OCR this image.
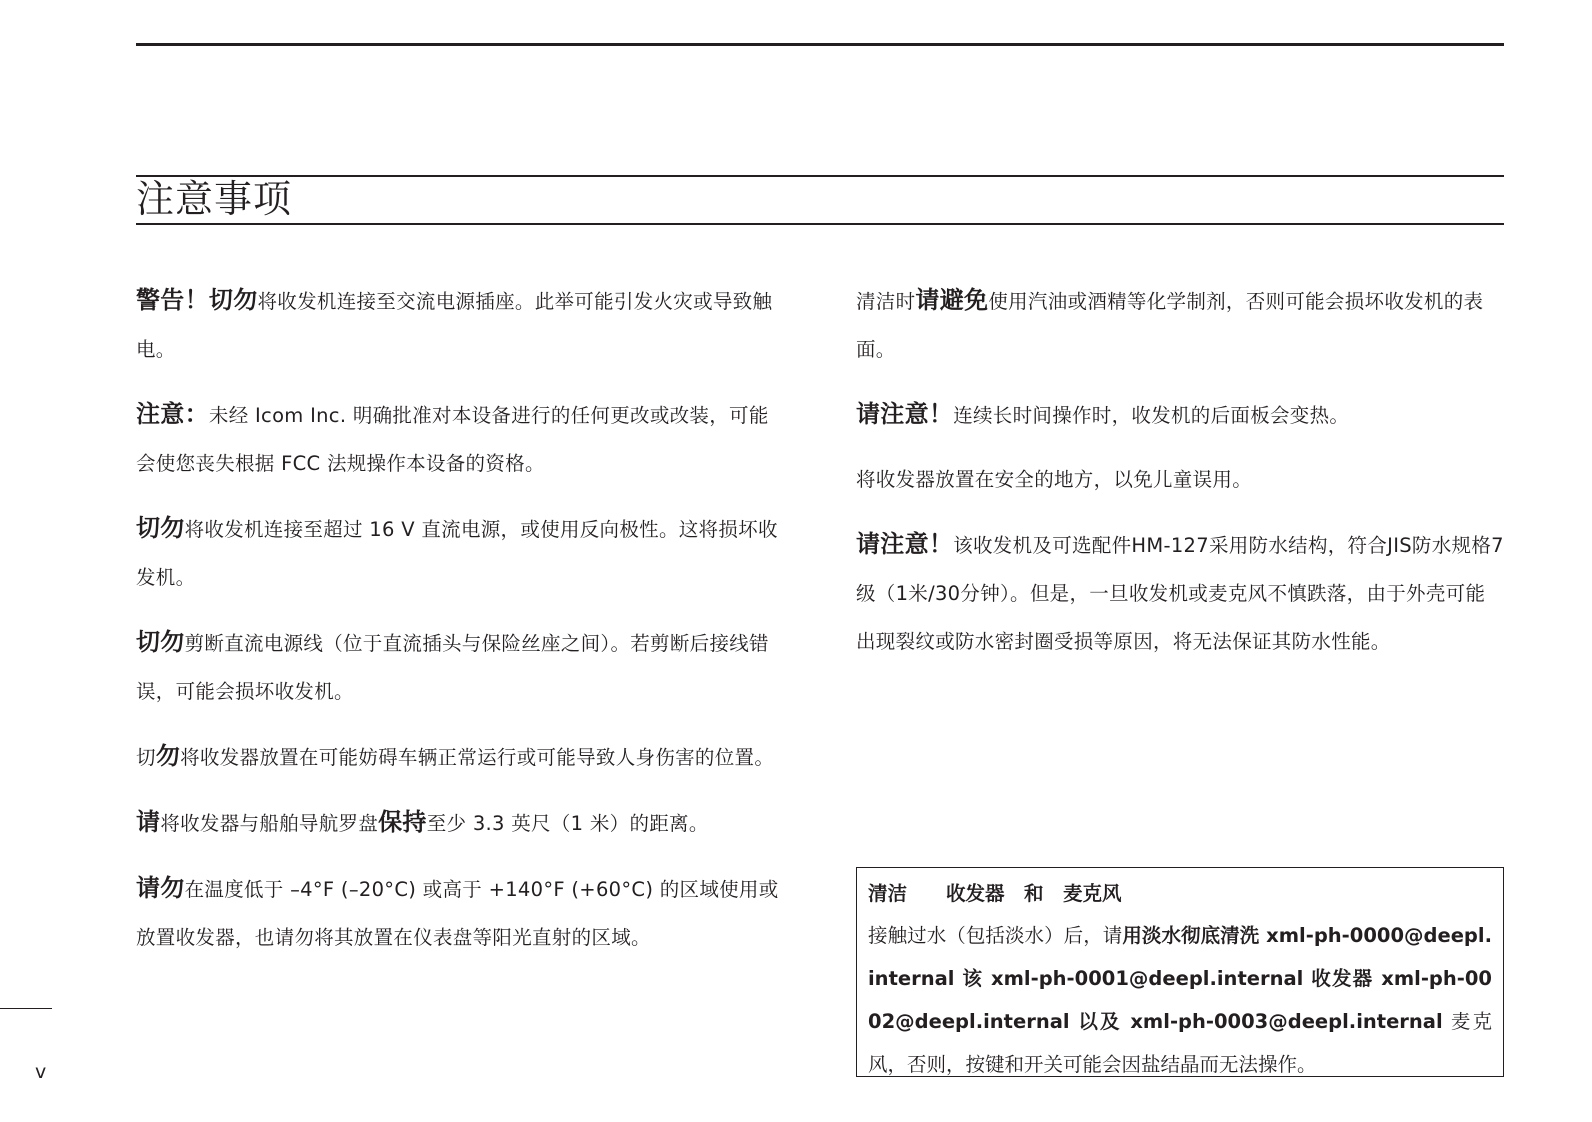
注意事项

警告！切勿将收发机连接至交流电源插座。此举可能引发火灾或导致触电。

注意：未经 Icom Inc. 明确批准对本设备进行的任何更改或改装，可能会使您丧失根据 FCC 法规操作本设备的资格。

切勿将收发机连接至超过 16 V 直流电源，或使用反向极性。这将损坏收发机。

切勿剪断直流电源线（位于直流插头与保险丝座之间）。若剪断后接线错误，可能会损坏收发机。

切勿将收发器放置在可能妨碍车辆正常运行或可能导致人身伤害的位置。

请将收发器与船舶导航罗盘保持至少 3.3 英尺（1 米）的距离。

请勿在温度低于 –4°F (–20°C) 或高于 +140°F (+60°C) 的区域使用或放置收发器，也请勿将其放置在仪表盘等阳光直射的区域。

清洁时请避免使用汽油或酒精等化学制剂，否则可能会损坏收发机的表面。

请注意！连续长时间操作时，收发机的后面板会变热。

将收发器放置在安全的地方，以免儿童误用。

请注意！该收发机及可选配件HM-127采用防水结构，符合JIS防水规格7级（1米/30分钟）。但是，一旦收发机或麦克风不慎跌落，由于外壳可能出现裂纹或防水密封圈受损等原因，将无法保证其防水性能。

清洁　　收发器　和　麦克风

接触过水（包括淡水）后，请用淡水彻底清洗 xml-ph-0000@deepl.internal 该 xml-ph-0001@deepl.internal 收发器 xml-ph-0002@deepl.internal 以及 xml-ph-0003@deepl.internal 麦克风，否则，按键和开关可能会因盐结晶而无法操作。

v
